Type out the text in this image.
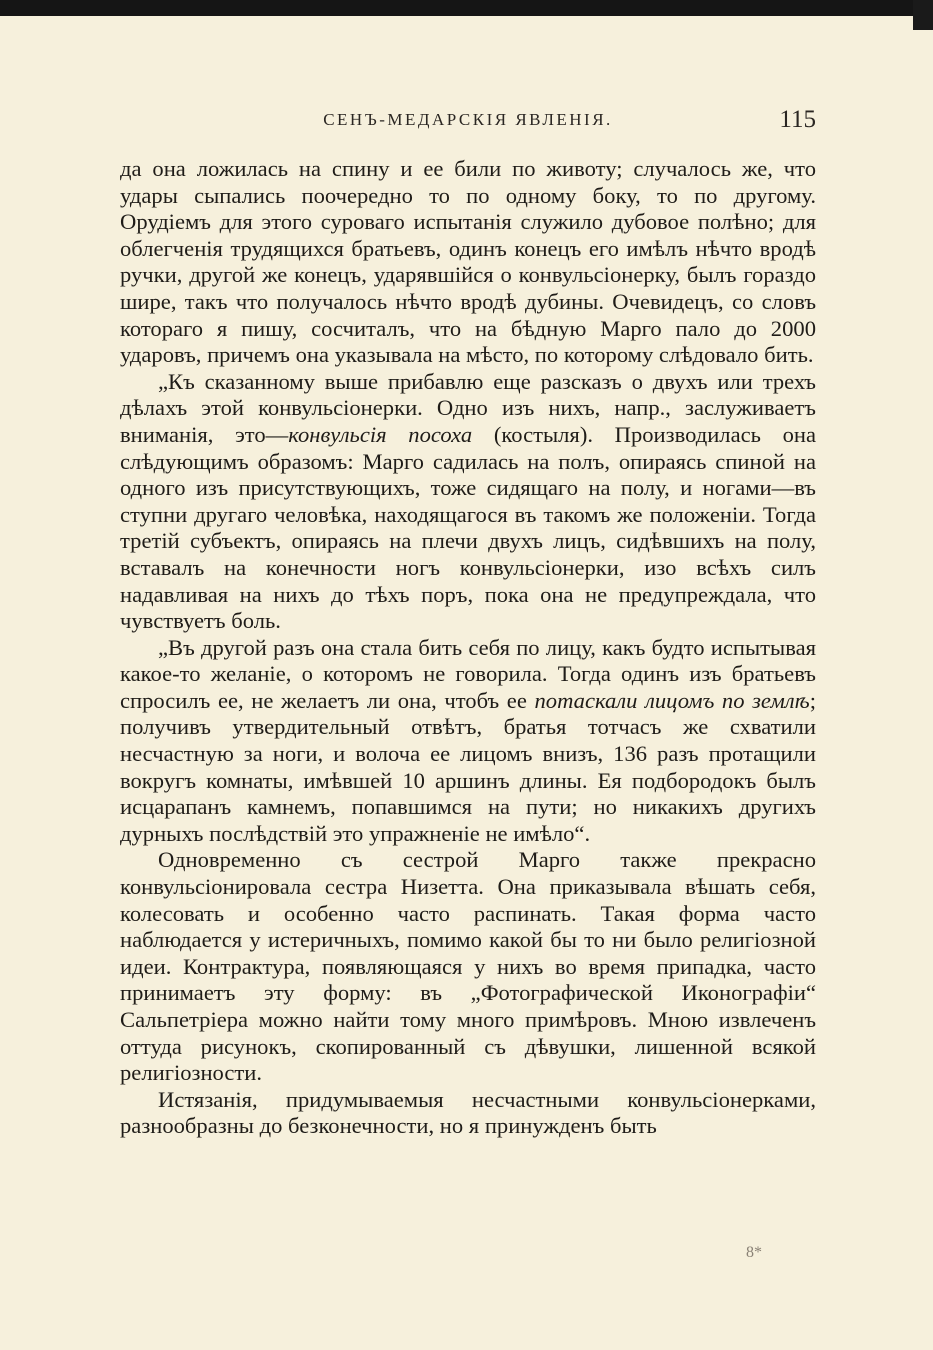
СЕНЪ-МЕДАРСКIЯ ЯВЛЕНIЯ.	115

да она ложилась на спину и ее били по животу; случалось же, что удары сыпались поочередно то по одному боку, то по другому. Орудiемъ для этого суроваго испытанiя служило дубовое полѣно; для облегченiя трудящихся братьевъ, одинъ конецъ его имѣлъ нѣчто вродѣ ручки, другой же конецъ, ударявшiйся о конвульсiонерку, былъ гораздо шире, такъ что получалось нѣчто вродѣ дубины. Очевидецъ, со словъ котораго я пишу, сосчиталъ, что на бѣдную Марго пало до 2000 ударовъ, причемъ она указывала на мѣсто, по которому слѣдовало бить.

„Къ сказанному выше прибавлю еще разсказъ о двухъ или трехъ дѣлахъ этой конвульсiонерки. Одно изъ нихъ, напр., заслуживаетъ вниманiя, это—конвульсiя посоха (костыля). Производилась она слѣдующимъ образомъ: Марго садилась на полъ, опираясь спиной на одного изъ присутствующихъ, тоже сидящаго на полу, и ногами—въ ступни другаго человѣка, находящагося въ такомъ же положенiи. Тогда третiй субъектъ, опираясь на плечи двухъ лицъ, сидѣвшихъ на полу, вставалъ на конечности ногъ конвульсiонерки, изо всѣхъ силъ надавливая на нихъ до тѣхъ поръ, пока она не предупреждала, что чувствуетъ боль.

„Въ другой разъ она стала бить себя по лицу, какъ будто испытывая какое-то желанiе, о которомъ не говорила. Тогда одинъ изъ братьевъ спросилъ ее, не желаетъ ли она, чтобъ ее потаскали лицомъ по землѣ; получивъ утвердительный отвѣтъ, братья тотчасъ же схватили несчастную за ноги, и волоча ее лицомъ внизъ, 136 разъ протащили вокругъ комнаты, имѣвшей 10 аршинъ длины. Ея подбородокъ былъ исцарапанъ камнемъ, попавшимся на пути; но никакихъ другихъ дурныхъ послѣдствiй это упражненiе не имѣло“.

Одновременно съ сестрой Марго также прекрасно конвульсiонировала сестра Низетта. Она приказывала вѣшать себя, колесовать и особенно часто распинать. Такая форма часто наблюдается у истеричныхъ, помимо какой бы то ни было религiозной идеи. Контрактура, появляющаяся у нихъ во время припадка, часто принимаетъ эту форму: въ „Фотографической Иконографiи“ Сальпетрiера можно найти тому много примѣровъ. Мною извлеченъ оттуда рисунокъ, скопированный съ дѣвушки, лишенной всякой религiозности.

Истязанiя, придумываемыя несчастными конвульсiонерками, разнообразны до безконечности, но я принужденъ быть

8*
